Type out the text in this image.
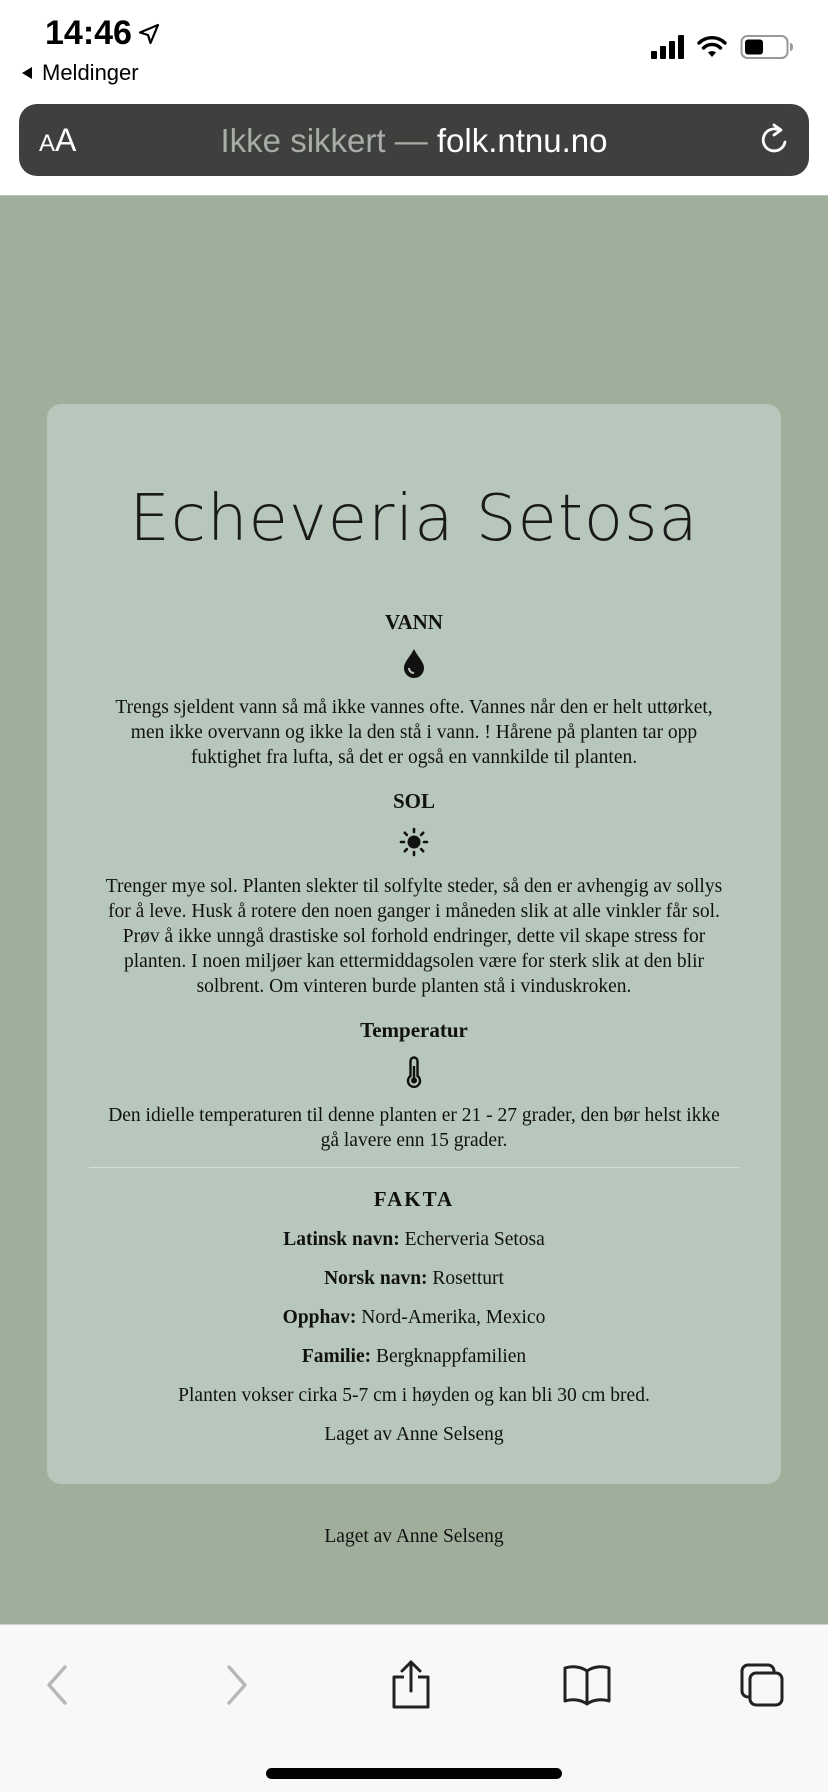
14:46
Meldinger
AA	Ikke sikkert — folk.ntnu.no
Echeveria Setosa
VANN
Trengs sjeldent vann så må ikke vannes ofte. Vannes når den er helt uttørket,
men ikke overvann og ikke la den stå i vann. ! Hårene på planten tar opp
fuktighet fra lufta, så det er også en vannkilde til planten.
SOL
Trenger mye sol. Planten slekter til solfylte steder, så den er avhengig av sollys
for å leve. Husk å rotere den noen ganger i måneden slik at alle vinkler får sol.
Prøv å ikke unngå drastiske sol forhold endringer, dette vil skape stress for
planten. I noen miljøer kan ettermiddagsolen være for sterk slik at den blir
solbrent. Om vinteren burde planten stå i vinduskroken.
Temperatur
Den idielle temperaturen til denne planten er 21 - 27 grader, den bør helst ikke
gå lavere enn 15 grader.
FAKTA
Latinsk navn: Echerveria Setosa
Norsk navn: Rosetturt
Opphav: Nord-Amerika, Mexico
Familie: Bergknappfamilien
Planten vokser cirka 5-7 cm i høyden og kan bli 30 cm bred.
Laget av Anne Selseng
Laget av Anne Selseng
